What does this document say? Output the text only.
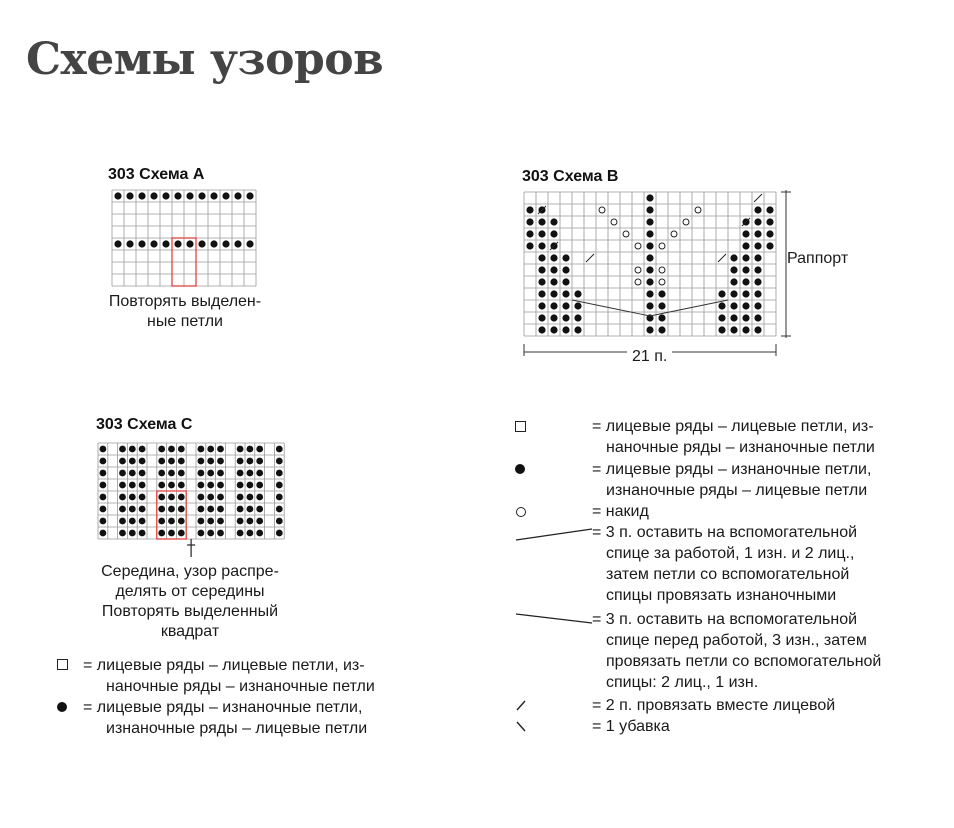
Схемы узоров
303 Схема А
Повторять выделен-
ные петли
303 Схема В
Раппорт
21 п.
303 Схема С
Середина, узор распре-
делять от середины
Повторять выделенный
квадрат
= лицевые ряды – лицевые петли, из-
наночные ряды – изнаночные петли
= лицевые ряды – изнаночные петли,
изнаночные ряды – лицевые петли
= лицевые ряды – лицевые петли, из-
наночные ряды – изнаночные петли
= лицевые ряды – изнаночные петли,
изнаночные ряды – лицевые петли
= накид
= 3 п. оставить на вспомогательной
спице за работой, 1 изн. и 2 лиц.,
затем петли со вспомогательной
спицы провязать изнаночными
= 3 п. оставить на вспомогательной
спице перед работой, 3 изн., затем
провязать петли со вспомогательной
спицы: 2 лиц., 1 изн.
= 2 п. провязать вместе лицевой
= 1 убавка
